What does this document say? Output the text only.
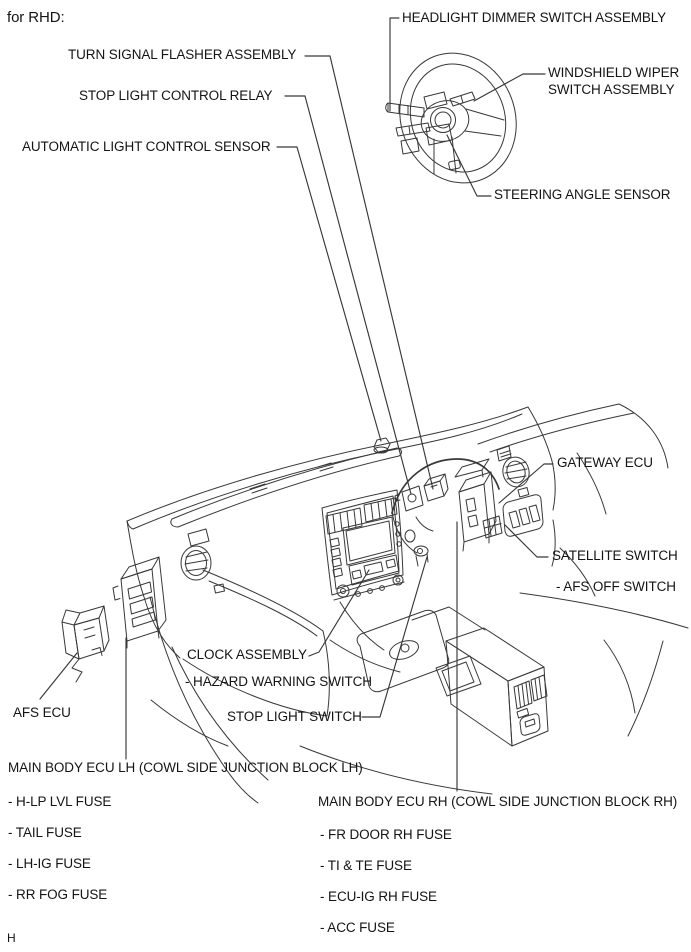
for RHD:	HEADLIGHT DIMMER SWITCH ASSEMBLY
TURN SIGNAL FLASHER ASSEMBLY
STOP LIGHT CONTROL RELAY
WINDSHIELD WIPER
SWITCH ASSEMBLY
AUTOMATIC LIGHT CONTROL SENSOR
STEERING ANGLE SENSOR
GATEWAY ECU
SATELLITE SWITCH
- AFS OFF SWITCH
CLOCK ASSEMBLY
- HAZARD WARNING SWITCH
STOP LIGHT SWITCH
AFS ECU
MAIN BODY ECU LH (COWL SIDE JUNCTION BLOCK LH)
- H-LP LVL FUSE
- TAIL FUSE
- LH-IG FUSE
- RR FOG FUSE
MAIN BODY ECU RH (COWL SIDE JUNCTION BLOCK RH)
- FR DOOR RH FUSE
- TI & TE FUSE
- ECU-IG RH FUSE
- ACC FUSE
H
